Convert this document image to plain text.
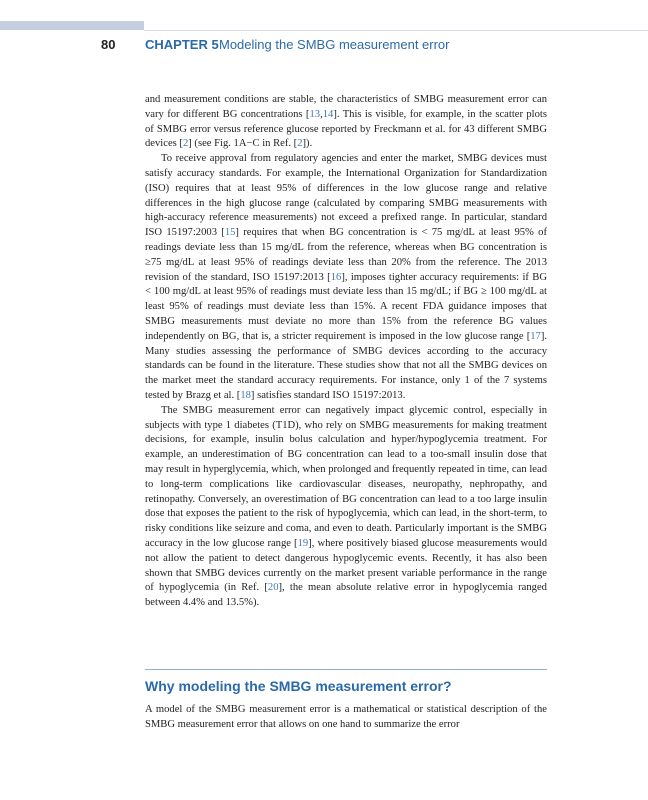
80 CHAPTER 5 Modeling the SMBG measurement error

and measurement conditions are stable, the characteristics of SMBG measurement error can vary for different BG concentrations [13,14]. This is visible, for example, in the scatter plots of SMBG error versus reference glucose reported by Freckmann et al. for 43 different SMBG devices [2] (see Fig. 1A−C in Ref. [2]).

To receive approval from regulatory agencies and enter the market, SMBG devices must satisfy accuracy standards. For example, the International Organization for Standardization (ISO) requires that at least 95% of differences in the low glucose range and relative differences in the high glucose range (calculated by comparing SMBG measurements with high-accuracy reference measurements) not exceed a prefixed range. In particular, standard ISO 15197:2003 [15] requires that when BG concentration is < 75 mg/dL at least 95% of readings deviate less than 15 mg/dL from the reference, whereas when BG concentration is ≥75 mg/dL at least 95% of readings deviate less than 20% from the reference. The 2013 revision of the standard, ISO 15197:2013 [16], imposes tighter accuracy requirements: if BG < 100 mg/dL at least 95% of readings must deviate less than 15 mg/dL; if BG ≥ 100 mg/dL at least 95% of readings must deviate less than 15%. A recent FDA guidance imposes that SMBG measurements must deviate no more than 15% from the reference BG values independently on BG, that is, a stricter requirement is imposed in the low glucose range [17]. Many studies assessing the performance of SMBG devices according to the accuracy standards can be found in the literature. These studies show that not all the SMBG devices on the market meet the standard accuracy requirements. For instance, only 1 of the 7 systems tested by Brazg et al. [18] satisfies standard ISO 15197:2013.

The SMBG measurement error can negatively impact glycemic control, especially in subjects with type 1 diabetes (T1D), who rely on SMBG measurements for making treatment decisions, for example, insulin bolus calculation and hyper/hypoglycemia treatment. For example, an underestimation of BG concentration can lead to a too-small insulin dose that may result in hyperglycemia, which, when prolonged and frequently repeated in time, can lead to long-term complications like cardiovascular diseases, neuropathy, nephropathy, and retinopathy. Conversely, an overestimation of BG concentration can lead to a too large insulin dose that exposes the patient to the risk of hypoglycemia, which can lead, in the short-term, to risky conditions like seizure and coma, and even to death. Particularly important is the SMBG accuracy in the low glucose range [19], where positively biased glucose measurements would not allow the patient to detect dangerous hypoglycemic events. Recently, it has also been shown that SMBG devices currently on the market present variable performance in the range of hypoglycemia (in Ref. [20], the mean absolute relative error in hypoglycemia ranged between 4.4% and 13.5%).

Why modeling the SMBG measurement error?

A model of the SMBG measurement error is a mathematical or statistical description of the SMBG measurement error that allows on one hand to summarize the error
